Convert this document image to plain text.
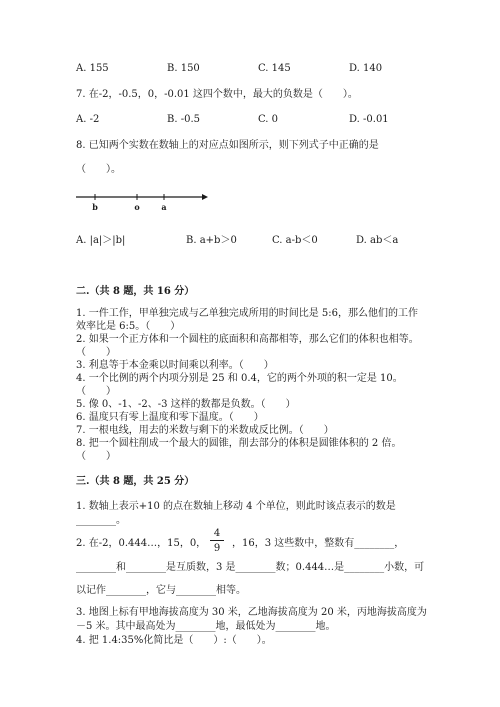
A. 155	B. 150	C. 145	D. 140
7. 在-2，-0.5，0，-0.01 这四个数中，最大的负数是（　　）。
A. -2	B. -0.5	C. 0	D. -0.01
8. 已知两个实数在数轴上的对应点如图所示，则下列式子中正确的是
（　　）。
b	o	a
A. |a|＞|b|	B. a+b＞0	C. a-b＜0	D. ab＜a
二.（共 8 题，共 16 分）
1. 一件工作，甲单独完成与乙单独完成所用的时间比是 5:6，那么他们的工作
效率比是 6:5。（　　）
2. 如果一个正方体和一个圆柱的底面积和高都相等，那么它们的体积也相等。
（　　）
3. 利息等于本金乘以时间乘以利率。（　　）
4. 一个比例的两个内项分别是 25 和 0.4，它的两个外项的积一定是 10。
（　　）
5. 像 0、-1、-2、-3 这样的数都是负数。（　　）
6. 温度只有零上温度和零下温度。（　　）
7. 一根电线，用去的米数与剩下的米数成反比例。（　　）
8. 把一个圆柱削成一个最大的圆锥，削去部分的体积是圆锥体积的 2 倍。
（　　）
三.（共 8 题，共 25 分）
1. 数轴上表示+10 的点在数轴上移动 4 个单位，则此时该点表示的数是
________。
2. 在-2，0.444…，15，0，
4
9	，16，3 这些数中，整数有________，
________和________是互质数，3 是________数；0.444…是________小数，可
以记作________，它与________相等。
3. 地图上标有甲地海拔高度为 30 米，乙地海拔高度为 20 米，丙地海拔高度为
－5 米。其中最高处为________地，最低处为________地。
4. 把 1.4:35%化简比是（　　）:（　　）。
